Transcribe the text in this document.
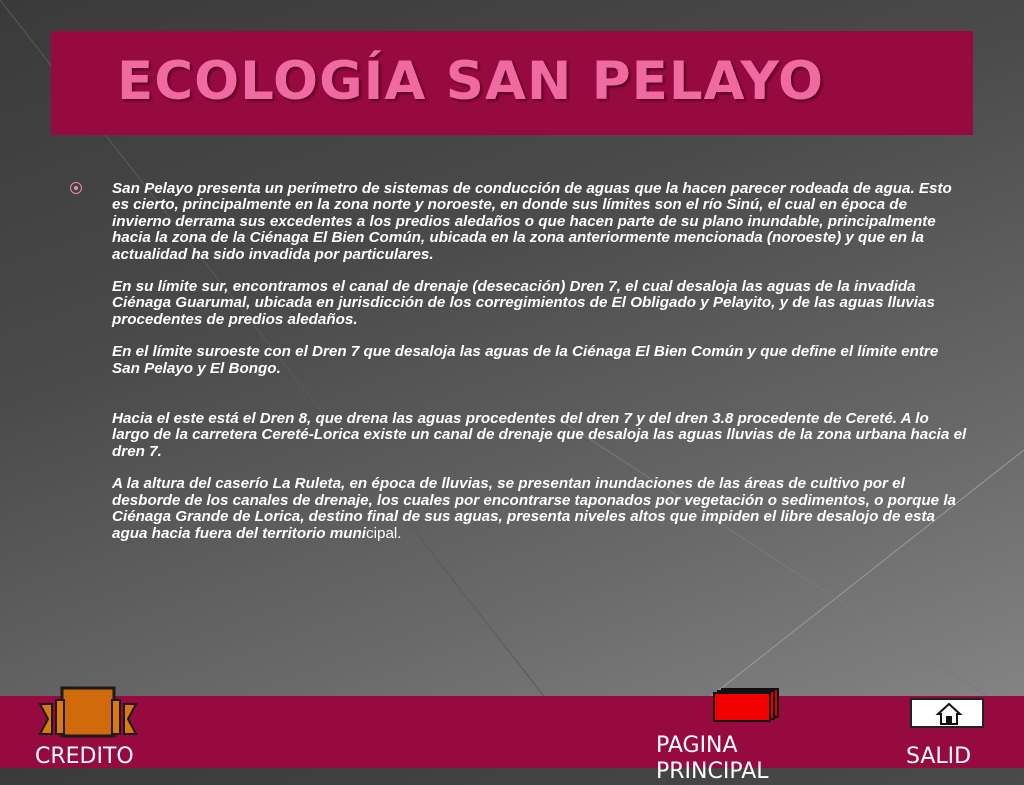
ECOLOGÍA SAN PELAYO

San Pelayo presenta un perímetro de sistemas de conducción de aguas que la hacen parecer rodeada de agua. Esto es cierto, principalmente en la zona norte y noroeste, en donde sus límites son el río Sinú, el cual en época de invierno derrama sus excedentes a los predios aledaños o que hacen parte de su plano inundable, principalmente hacia la zona de la Ciénaga El Bien Común, ubicada en la zona anteriormente mencionada (noroeste) y que en la actualidad ha sido invadida por particulares.

En su límite sur, encontramos el canal de drenaje (desecación) Dren 7, el cual desaloja las aguas de la invadida Ciénaga Guarumal, ubicada en jurisdicción de los corregimientos de El Obligado y Pelayito, y de las aguas lluvias procedentes de predios aledaños.

En el límite suroeste con el Dren 7 que desaloja las aguas de la Ciénaga El Bien Común y que define el límite entre San Pelayo y El Bongo.

Hacia el este está el Dren 8, que drena las aguas procedentes del dren 7 y del dren 3.8 procedente de Cereté. A lo largo de la carretera Cereté-Lorica existe un canal de drenaje que desaloja las aguas lluvias de la zona urbana hacia el dren 7.

A la altura del caserío La Ruleta, en época de lluvias, se presentan inundaciones de las áreas de cultivo por el desborde de los canales de drenaje, los cuales por encontrarse taponados por vegetación o sedimentos, o porque la Ciénaga Grande de Lorica, destino final de sus aguas, presenta niveles altos que impiden el libre desalojo de esta agua hacia fuera del territorio municipal.

CREDITO	PAGINA PRINCIPAL
SALID
